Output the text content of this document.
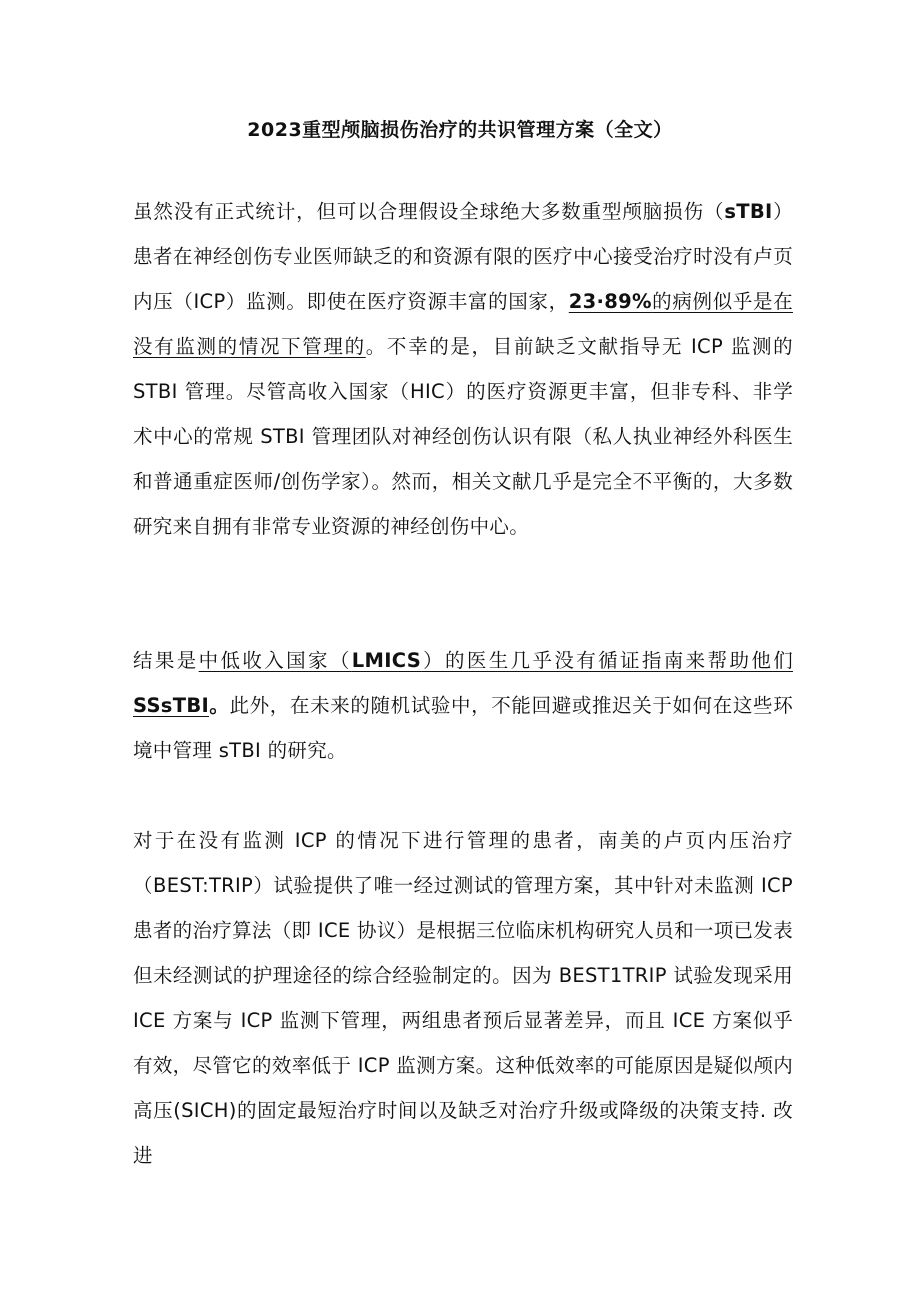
2023重型颅脑损伤治疗的共识管理方案（全文）

虽然没有正式统计，但可以合理假设全球绝大多数重型颅脑损伤（sTBI）患者在神经创伤专业医师缺乏的和资源有限的医疗中心接受治疗时没有卢页内压（ICP）监测。即使在医疗资源丰富的国家，23∙89%的病例似乎是在没有监测的情况下管理的。不幸的是，目前缺乏文献指导无 ICP 监测的 STBI 管理。尽管高收入国家（HIC）的医疗资源更丰富，但非专科、非学术中心的常规 STBI 管理团队对神经创伤认识有限（私人执业神经外科医生和普通重症医师/创伤学家）。然而，相关文献几乎是完全不平衡的，大多数研究来自拥有非常专业资源的神经创伤中心。

结果是中低收入国家（LMICS）的医生几乎没有循证指南来帮助他们SSsTBI。此外，在未来的随机试验中，不能回避或推迟关于如何在这些环境中管理 sTBI 的研究。

对于在没有监测 ICP 的情况下进行管理的患者，南美的卢页内压治疗（BEST:TRIP）试验提供了唯一经过测试的管理方案，其中针对未监测 ICP 患者的治疗算法（即 ICE 协议）是根据三位临床机构研究人员和一项已发表但未经测试的护理途径的综合经验制定的。因为 BEST1TRIP 试验发现采用 ICE 方案与 ICP 监测下管理，两组患者预后显著差异，而且 ICE 方案似乎有效，尽管它的效率低于 ICP 监测方案。这种低效率的可能原因是疑似颅内高压(SICH)的固定最短治疗时间以及缺乏对治疗升级或降级的决策支持. 改进
